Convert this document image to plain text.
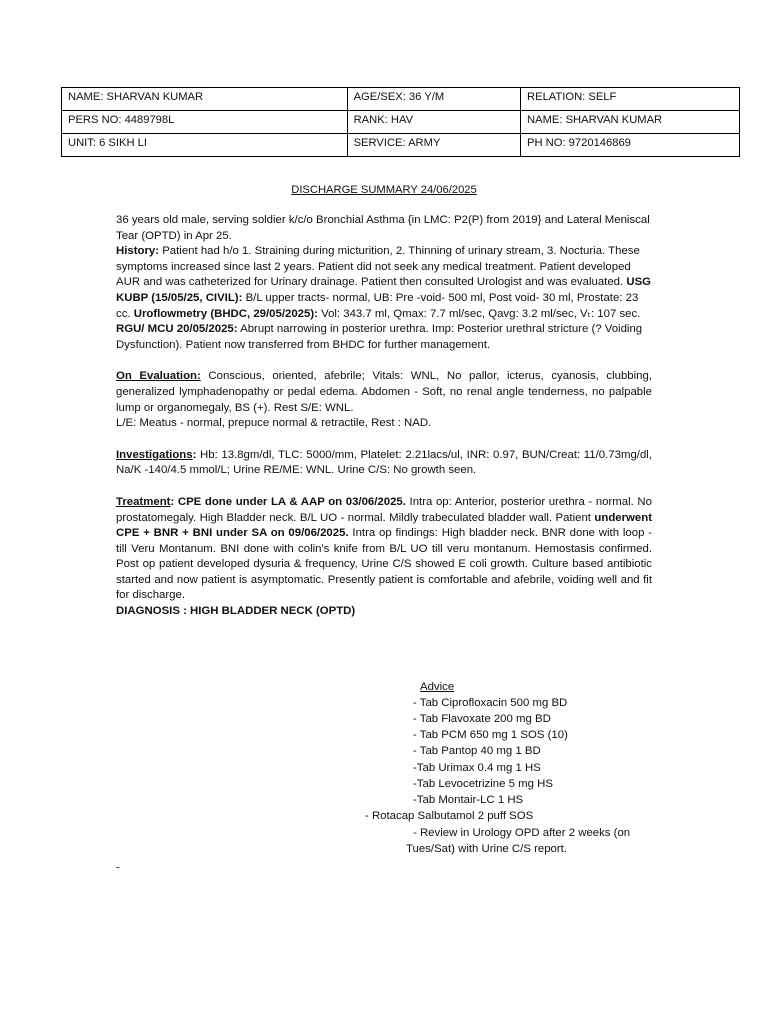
NAME: SHARVAN KUMAR	AGE/SEX: 36 Y/M	RELATION: SELF
PERS NO: 4489798L	RANK: HAV	NAME: SHARVAN KUMAR
UNIT: 6 SIKH LI	SERVICE: ARMY	PH NO: 9720146869
DISCHARGE SUMMARY 24/06/2025

36 years old male, serving soldier k/c/o Bronchial Asthma {in LMC: P2(P) from 2019} and Lateral Meniscal Tear (OPTD) in Apr 25.

History: Patient had h/o 1. Straining during micturition, 2. Thinning of urinary stream, 3. Nocturia. These symptoms increased since last 2 years. Patient did not seek any medical treatment. Patient developed AUR and was catheterized for Urinary drainage. Patient then consulted Urologist and was evaluated. USG KUBP (15/05/25, CIVIL): B/L upper tracts- normal, UB: Pre -void- 500 ml, Post void- 30 ml, Prostate: 23 cc. Uroflowmetry (BHDC, 29/05/2025): Vol: 343.7 ml, Qmax: 7.7 ml/sec, Qavg: 3.2 ml/sec, Vₜ: 107 sec. RGU/ MCU 20/05/2025: Abrupt narrowing in posterior urethra. Imp: Posterior urethral stricture (? Voiding Dysfunction). Patient now transferred from BHDC for further management.

On Evaluation: Conscious, oriented, afebrile; Vitals: WNL, No pallor, icterus, cyanosis, clubbing, generalized lymphadenopathy or pedal edema. Abdomen - Soft, no renal angle tenderness, no palpable lump or organomegaly, BS (+). Rest S/E: WNL.

L/E: Meatus - normal, prepuce normal & retractile, Rest : NAD.

Investigations: Hb: 13.8gm/dl, TLC: 5000/mm, Platelet: 2.21lacs/ul, INR: 0.97, BUN/Creat: 11/0.73mg/dl, Na/K -140/4.5 mmol/L; Urine RE/ME: WNL. Urine C/S: No growth seen.

Treatment: CPE done under LA & AAP on 03/06/2025. Intra op: Anterior, posterior urethra - normal. No prostatomegaly. High Bladder neck. B/L UO - normal. Mildly trabeculated bladder wall. Patient underwent CPE + BNR + BNI under SA on 09/06/2025. Intra op findings: High bladder neck. BNR done with loop - till Veru Montanum. BNI done with colin's knife from B/L UO till veru montanum. Hemostasis confirmed. Post op patient developed dysuria & frequency, Urine C/S showed E coli growth. Culture based antibiotic started and now patient is asymptomatic. Presently patient is comfortable and afebrile, voiding well and fit for discharge.

DIAGNOSIS : HIGH BLADDER NECK (OPTD)

Advice
- Tab Ciprofloxacin 500 mg BD
- Tab Flavoxate 200 mg BD
- Tab PCM 650 mg 1 SOS (10)
- Tab Pantop 40 mg 1 BD
-Tab Urimax 0.4 mg 1 HS
-Tab Levocetrizine 5 mg HS
-Tab Montair-LC 1 HS
- Rotacap Salbutamol 2 puff SOS
- Review in Urology OPD after 2 weeks (on
Tues/Sat) with Urine C/S report.
˜
